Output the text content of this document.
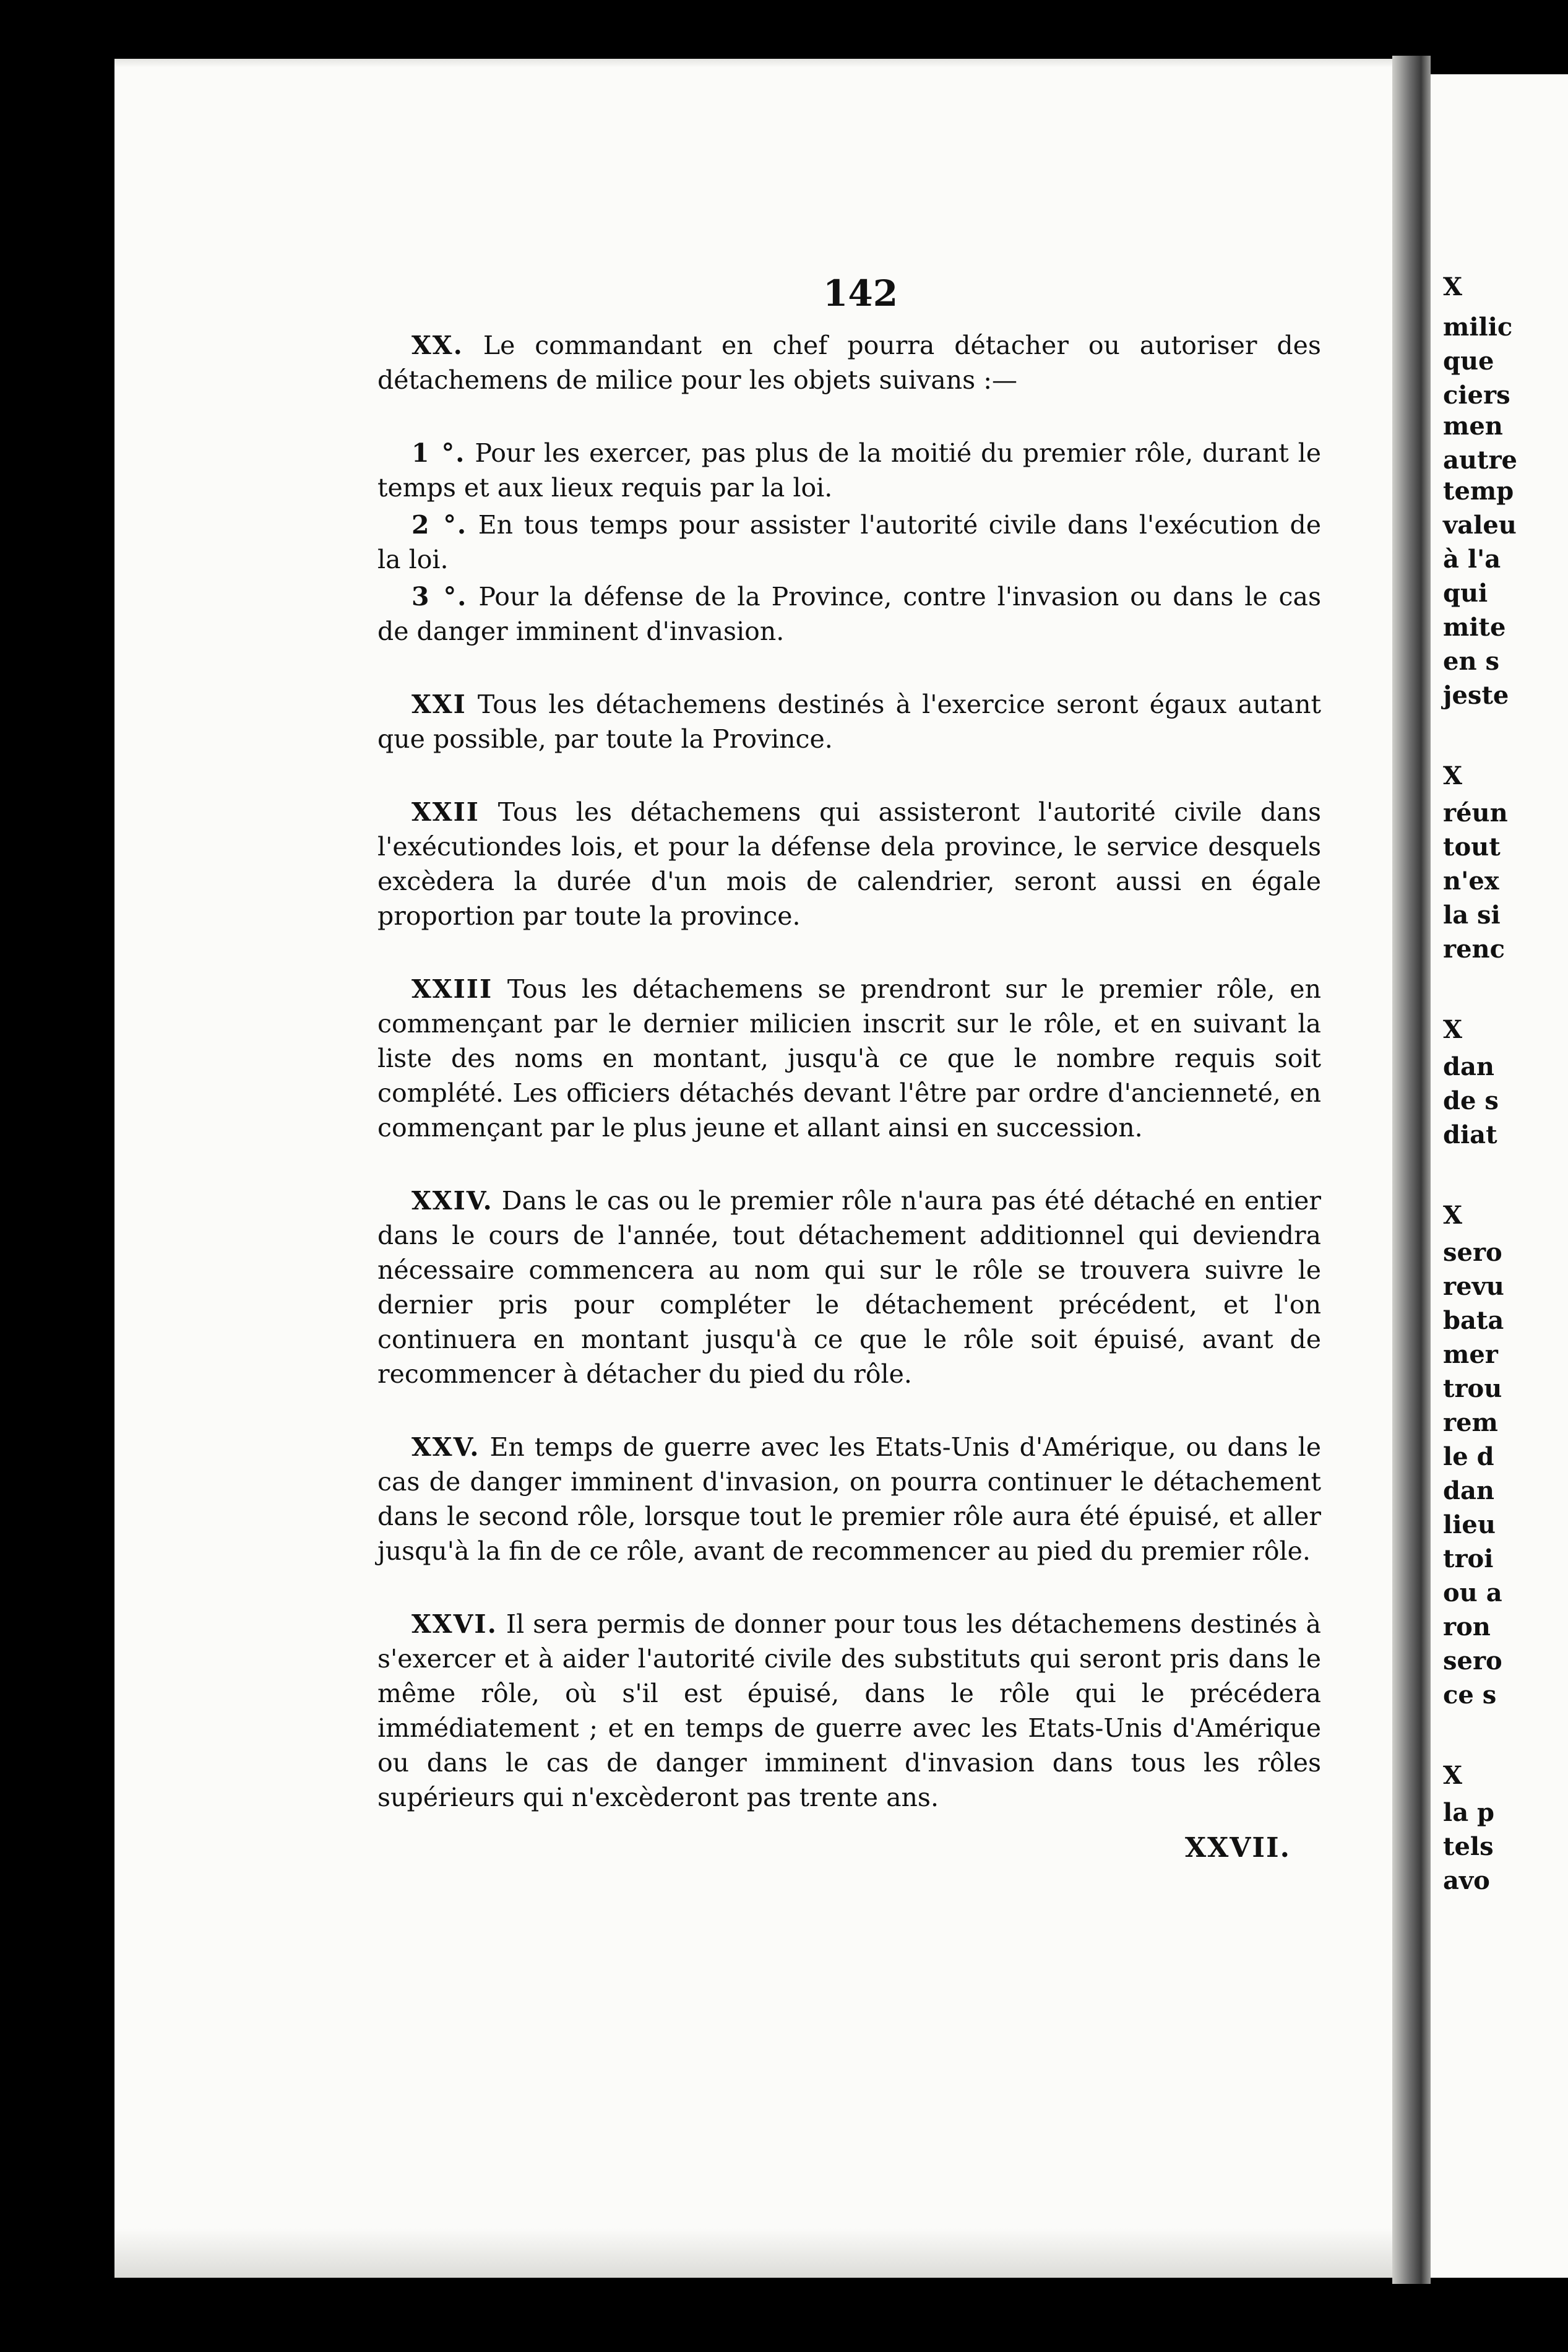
X
milic
que
ciers
men
autre
temp
valeu
à l'a
qui
mite
en s
jeste
X
réun
tout
n'ex
la si
renc
X
dan
de s
diat
X
sero
revu
bata
mer
trou
rem
le d
dan
lieu
troi
ou a
ron
sero
ce s
X
la p
tels
avo
142

XX. Le commandant en chef pourra détacher ou autoriser des détachemens de milice pour les objets suivans :—

1 °. Pour les exercer, pas plus de la moitié du premier rôle, durant le temps et aux lieux requis par la loi.

2 °. En tous temps pour assister l'autorité civile dans l'exécution de la loi.

3 °. Pour la défense de la Province, contre l'invasion ou dans le cas de danger imminent d'invasion.

XXI Tous les détachemens destinés à l'exercice seront égaux autant que possible, par toute la Province.

XXII Tous les détachemens qui assisteront l'autorité civile dans l'exécutiondes lois, et pour la défense dela province, le service desquels excèdera la durée d'un mois de calendrier, seront aussi en égale proportion par toute la province.

XXIII Tous les détachemens se prendront sur le premier rôle, en commençant par le dernier milicien inscrit sur le rôle, et en suivant la liste des noms en montant, jusqu'à ce que le nombre requis soit complété. Les officiers détachés devant l'être par ordre d'ancienneté, en commençant par le plus jeune et allant ainsi en succession.

XXIV. Dans le cas ou le premier rôle n'aura pas été détaché en entier dans le cours de l'année, tout détachement additionnel qui deviendra nécessaire commencera au nom qui sur le rôle se trouvera suivre le dernier pris pour compléter le détachement précédent, et l'on continuera en montant jusqu'à ce que le rôle soit épuisé, avant de recommencer à détacher du pied du rôle.

XXV. En temps de guerre avec les Etats-Unis d'Amérique, ou dans le cas de danger imminent d'invasion, on pourra continuer le détachement dans le second rôle, lorsque tout le premier rôle aura été épuisé, et aller jusqu'à la fin de ce rôle, avant de recommencer au pied du premier rôle.

XXVI. Il sera permis de donner pour tous les détachemens destinés à s'exercer et à aider l'autorité civile des substituts qui seront pris dans le même rôle, où s'il est épuisé, dans le rôle qui le précédera immédiatement ; et en temps de guerre avec les Etats-Unis d'Amérique ou dans le cas de danger imminent d'invasion dans tous les rôles supérieurs qui n'excèderont pas trente ans.

XXVII.
